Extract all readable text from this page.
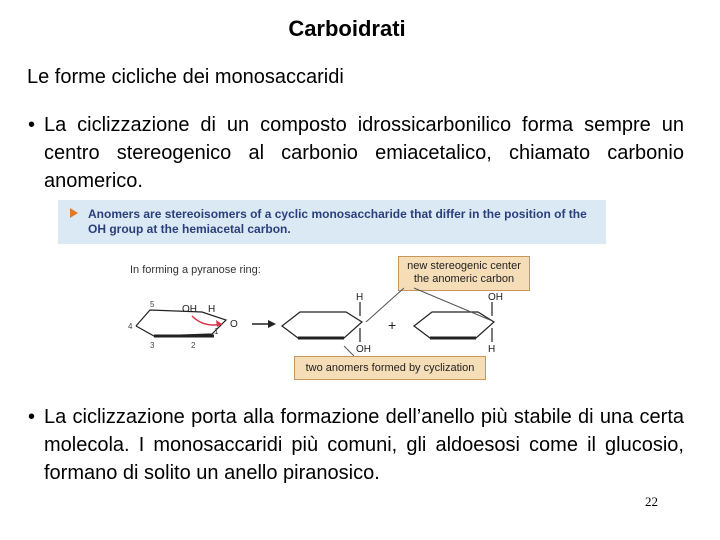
Carboidrati
Le forme cicliche dei monosaccaridi
• La ciclizzazione di un composto idrossicarbonilico forma sempre un centro stereogenico al carbonio emiacetalico, chiamato carbonio anomerico.
Anomers are stereoisomers of a cyclic monosaccharide that differ in the position of the OH group at the hemiacetal carbon.
In forming a pyranose ring:	new stereogenic center
the anomeric carbon
5
4
3	2
1
OH H
O
H
OH
+
OH
H
two anomers formed by cyclization
• La ciclizzazione porta alla formazione dell’anello più stabile di una certa molecola. I monosaccaridi più comuni, gli aldoesosi come il glucosio, formano di solito un anello piranosico.
22
